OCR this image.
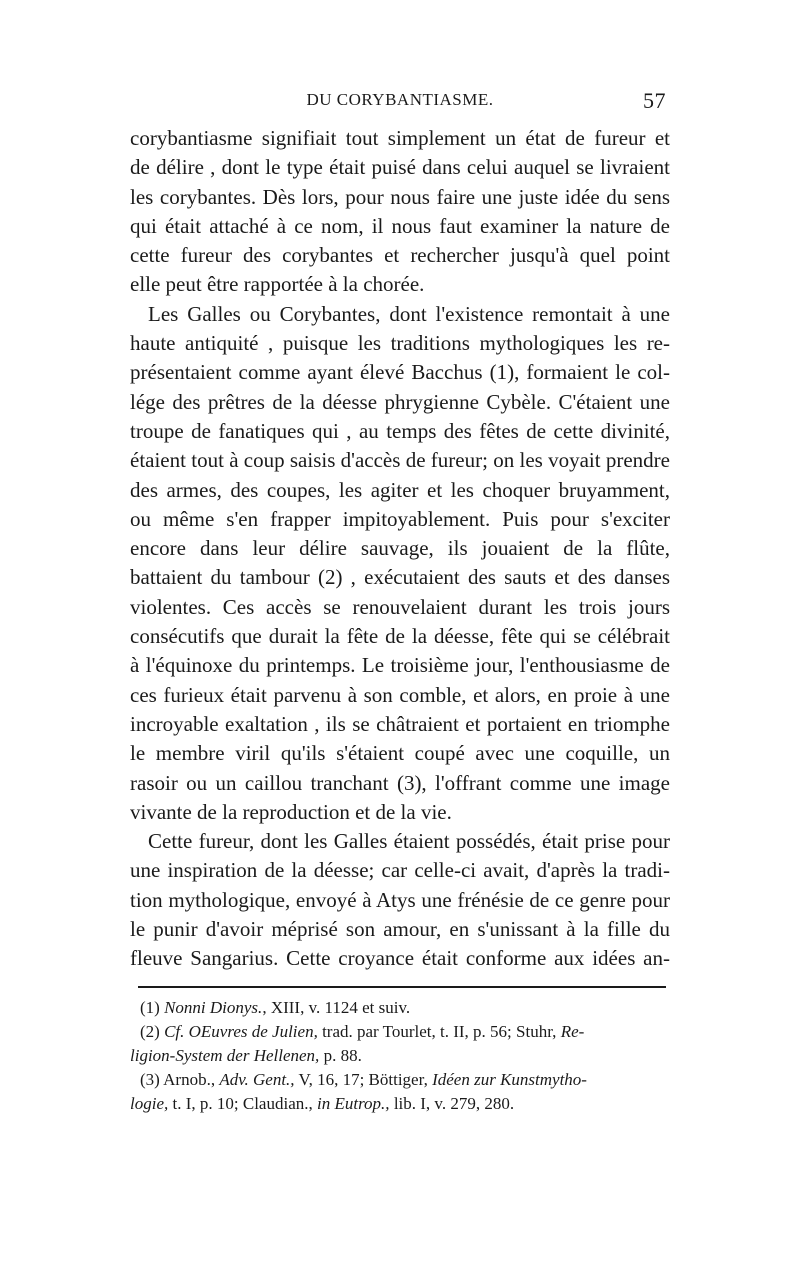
DU CORYBANTIASME.	57

corybantiasme signifiait tout simplement un état de fureur et
de délire , dont le type était puisé dans celui auquel se livraient
les corybantes. Dès lors, pour nous faire une juste idée du sens
qui était attaché à ce nom, il nous faut examiner la nature de
cette fureur des corybantes et rechercher jusqu'à quel point
elle peut être rapportée à la chorée.

Les Galles ou Corybantes, dont l'existence remontait à une
haute antiquité , puisque les traditions mythologiques les re-
présentaient comme ayant élevé Bacchus (1), formaient le col-
lége des prêtres de la déesse phrygienne Cybèle. C'étaient une
troupe de fanatiques qui , au temps des fêtes de cette divinité,
étaient tout à coup saisis d'accès de fureur; on les voyait prendre
des armes, des coupes, les agiter et les choquer bruyamment,
ou même s'en frapper impitoyablement. Puis pour s'exciter
encore dans leur délire sauvage, ils jouaient de la flûte,
battaient du tambour (2) , exécutaient des sauts et des danses
violentes. Ces accès se renouvelaient durant les trois jours
consécutifs que durait la fête de la déesse, fête qui se célébrait
à l'équinoxe du printemps. Le troisième jour, l'enthousiasme de
ces furieux était parvenu à son comble, et alors, en proie à une
incroyable exaltation , ils se châtraient et portaient en triomphe
le membre viril qu'ils s'étaient coupé avec une coquille, un
rasoir ou un caillou tranchant (3), l'offrant comme une image
vivante de la reproduction et de la vie.

Cette fureur, dont les Galles étaient possédés, était prise pour
une inspiration de la déesse; car celle-ci avait, d'après la tradi-
tion mythologique, envoyé à Atys une frénésie de ce genre pour
le punir d'avoir méprisé son amour, en s'unissant à la fille du
fleuve Sangarius. Cette croyance était conforme aux idées an-

(1) Nonni Dionys., XIII, v. 1124 et suiv.
(2) Cf. OEuvres de Julien, trad. par Tourlet, t. II, p. 56; Stuhr, Re-
ligion-System der Hellenen, p. 88.
(3) Arnob., Adv. Gent., V, 16, 17; Böttiger, Idéen zur Kunstmytho-
logie, t. I, p. 10; Claudian., in Eutrop., lib. I, v. 279, 280.
